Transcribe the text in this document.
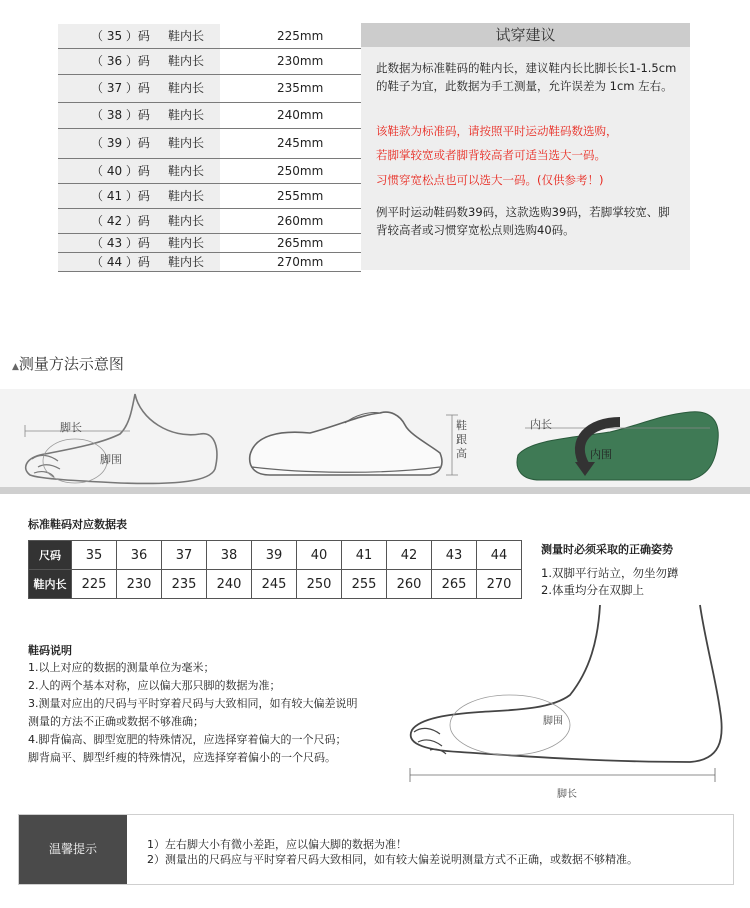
（ 35 ）码 鞋内长	225mm
（ 36 ）码 鞋内长	230mm
（ 37 ）码 鞋内长	235mm
（ 38 ）码 鞋内长	240mm
（ 39 ）码 鞋内长	245mm
（ 40 ）码 鞋内长	250mm
（ 41 ）码 鞋内长	255mm
（ 42 ）码 鞋内长	260mm
（ 43 ）码 鞋内长	265mm
（ 44 ）码 鞋内长	270mm
试穿建议
此数据为标准鞋码的鞋内长，建议鞋内长比脚长长1-1.5cm 的鞋子为宜，此数据为手工测量，允许误差为 1cm 左右。
该鞋款为标准码，请按照平时运动鞋码数选购，
若脚掌较宽或者脚背较高者可适当选大一码。
习惯穿宽松点也可以选大一码。(仅供参考！)
例平时运动鞋码数39码，这款选购39码，若脚掌较宽、脚背较高者或习惯穿宽松点则选购40码。
▲测量方法示意图
脚长
脚围
鞋
跟
高
内长
内围
标准鞋码对应数据表
尺码	35	36	37	38	39	40	41	42	43	44
鞋内长	225	230	235	240	245	250	255	260	265	270
测量时必须采取的正确姿势
1.双脚平行站立，勿坐勿蹲
2.体重均分在双脚上
脚围
脚长
鞋码说明
1.以上对应的数据的测量单位为毫米；
2.人的两个基本对称，应以偏大那只脚的数据为准；
3.测量对应出的尺码与平时穿着尺码与大致相同，如有较大偏差说明
测量的方法不正确或数据不够准确；
4.脚背偏高、脚型宽肥的特殊情况，应选择穿着偏大的一个尺码；
脚背扁平、脚型纤瘦的特殊情况，应选择穿着偏小的一个尺码。
温馨提示	1）左右脚大小有微小差距，应以偏大脚的数据为准！
2）测量出的尺码应与平时穿着尺码大致相同，如有较大偏差说明测量方式不正确，或数据不够精准。
